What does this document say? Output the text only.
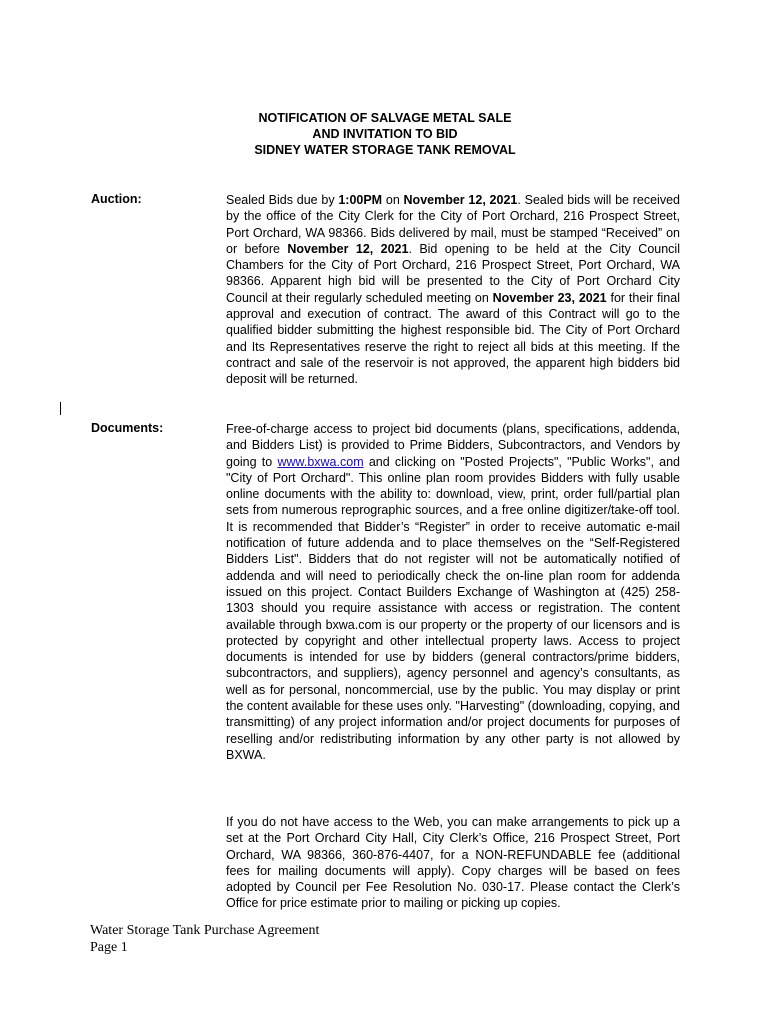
NOTIFICATION OF SALVAGE METAL SALE
AND INVITATION TO BID
SIDNEY WATER STORAGE TANK REMOVAL
Auction:	Sealed Bids due by 1:00PM on November 12, 2021. Sealed bids will be received by the office of the City Clerk for the City of Port Orchard, 216 Prospect Street, Port Orchard, WA 98366. Bids delivered by mail, must be stamped “Received” on or before November 12, 2021. Bid opening to be held at the City Council Chambers for the City of Port Orchard, 216 Prospect Street, Port Orchard, WA 98366. Apparent high bid will be presented to the City of Port Orchard City Council at their regularly scheduled meeting on November 23, 2021 for their final approval and execution of contract. The award of this Contract will go to the qualified bidder submitting the highest responsible bid. The City of Port Orchard and Its Representatives reserve the right to reject all bids at this meeting. If the contract and sale of the reservoir is not approved, the apparent high bidders bid deposit will be returned.
Documents:	Free-of-charge access to project bid documents (plans, specifications, addenda, and Bidders List) is provided to Prime Bidders, Subcontractors, and Vendors by going to www.bxwa.com and clicking on "Posted Projects", "Public Works", and "City of Port Orchard". This online plan room provides Bidders with fully usable online documents with the ability to: download, view, print, order full/partial plan sets from numerous reprographic sources, and a free online digitizer/take-off tool. It is recommended that Bidder’s “Register” in order to receive automatic e-mail notification of future addenda and to place themselves on the “Self-Registered Bidders List". Bidders that do not register will not be automatically notified of addenda and will need to periodically check the on-line plan room for addenda issued on this project. Contact Builders Exchange of Washington at (425) 258-1303 should you require assistance with access or registration. The content available through bxwa.com is our property or the property of our licensors and is protected by copyright and other intellectual property laws. Access to project documents is intended for use by bidders (general contractors/prime bidders, subcontractors, and suppliers), agency personnel and agency’s consultants, as well as for personal, noncommercial, use by the public. You may display or print the content available for these uses only. "Harvesting" (downloading, copying, and transmitting) of any project information and/or project documents for purposes of reselling and/or redistributing information by any other party is not allowed by BXWA.
If you do not have access to the Web, you can make arrangements to pick up a set at the Port Orchard City Hall, City Clerk’s Office, 216 Prospect Street, Port Orchard, WA 98366, 360-876-4407, for a NON-REFUNDABLE fee (additional fees for mailing documents will apply). Copy charges will be based on fees adopted by Council per Fee Resolution No. 030-17. Please contact the Clerk’s Office for price estimate prior to mailing or picking up copies.
Water Storage Tank Purchase Agreement
Page 1
